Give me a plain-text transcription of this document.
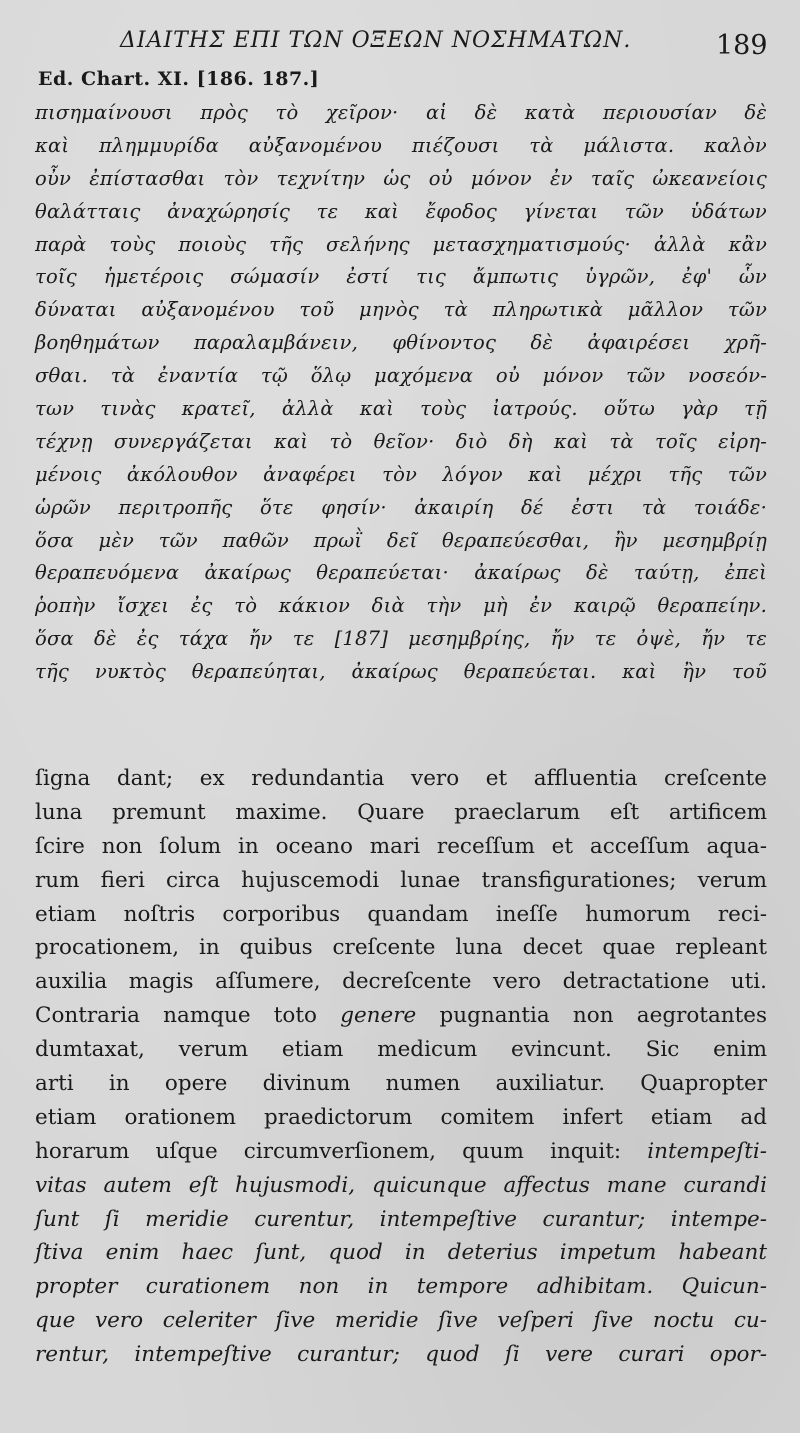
ΔΙΑΙΤΗΣ ΕΠΙ ΤΩΝ ΟΞΕΩΝ ΝΟΣΗΜΑΤΩΝ.	189
Ed. Chart. XI. [186. 187.]
πισημαίνουσι πρὸς τὸ χεῖρον· αἱ δὲ κατὰ περιουσίαν δὲ
καὶ πλημμυρίδα αὐξανομένου πιέζουσι τὰ μάλιστα. καλὸν
οὖν ἐπίστασθαι τὸν τεχνίτην ὡς οὐ μόνον ἐν ταῖς ὠκεανείοις
θαλάτταις ἀναχώρησίς τε καὶ ἔφοδος γίνεται τῶν ὑδάτων
παρὰ τοὺς ποιοὺς τῆς σελήνης μετασχηματισμούς· ἀλλὰ κἂν
τοῖς ἡμετέροις σώμασίν ἐστί τις ἄμπωτις ὑγρῶν, ἐφ' ὧν
δύναται αὐξανομένου τοῦ μηνὸς τὰ πληρωτικὰ μᾶλλον τῶν
βοηθημάτων παραλαμβάνειν, φθίνοντος δὲ ἀφαιρέσει χρῆ-
σθαι. τὰ ἐναντία τῷ ὅλῳ μαχόμενα οὐ μόνον τῶν νοσεόν-
των τινὰς κρατεῖ, ἀλλὰ καὶ τοὺς ἰατρούς. οὕτω γὰρ τῇ
τέχνῃ συνεργάζεται καὶ τὸ θεῖον· διὸ δὴ καὶ τὰ τοῖς εἰρη-
μένοις ἀκόλουθον ἀναφέρει τὸν λόγον καὶ μέχρι τῆς τῶν
ὡρῶν περιτροπῆς ὅτε φησίν· ἀκαιρίη δέ ἐστι τὰ τοιάδε·
ὅσα μὲν τῶν παθῶν πρωῒ δεῖ θεραπεύεσθαι, ἢν μεσημβρίῃ
θεραπευόμενα ἀκαίρως θεραπεύεται· ἀκαίρως δὲ ταύτῃ, ἐπεὶ
ῥοπὴν ἴσχει ἐς τὸ κάκιον διὰ τὴν μὴ ἐν καιρῷ θεραπείην.
ὅσα δὲ ἐς τάχα ἤν τε [187] μεσημβρίης, ἤν τε ὀψὲ, ἤν τε
τῆς νυκτὸς θεραπεύηται, ἀκαίρως θεραπεύεται. καὶ ἢν τοῦ
ſigna dant; ex redundantia vero et affluentia creſcente
luna premunt maxime. Quare praeclarum eſt artificem
ſcire non ſolum in oceano mari receſſum et acceſſum aqua-
rum fieri circa hujuscemodi lunae transfigurationes; verum
etiam noſtris corporibus quandam ineſſe humorum reci-
procationem, in quibus creſcente luna decet quae repleant
auxilia magis aſſumere, decreſcente vero detractatione uti.
Contraria namque toto genere pugnantia non aegrotantes
dumtaxat, verum etiam medicum evincunt. Sic enim
arti in opere divinum numen auxiliatur. Quapropter
etiam orationem praedictorum comitem infert etiam ad
horarum uſque circumverſionem, quum inquit: intempeſti-
vitas autem eſt hujusmodi, quicunque affectus mane curandi
ſunt ſi meridie curentur, intempeſtive curantur; intempe-
ſtiva enim haec ſunt, quod in deterius impetum habeant
propter curationem non in tempore adhibitam. Quicun-
que vero celeriter ſive meridie ſive veſperi ſive noctu cu-
rentur, intempeſtive curantur; quod ſi vere curari opor-
